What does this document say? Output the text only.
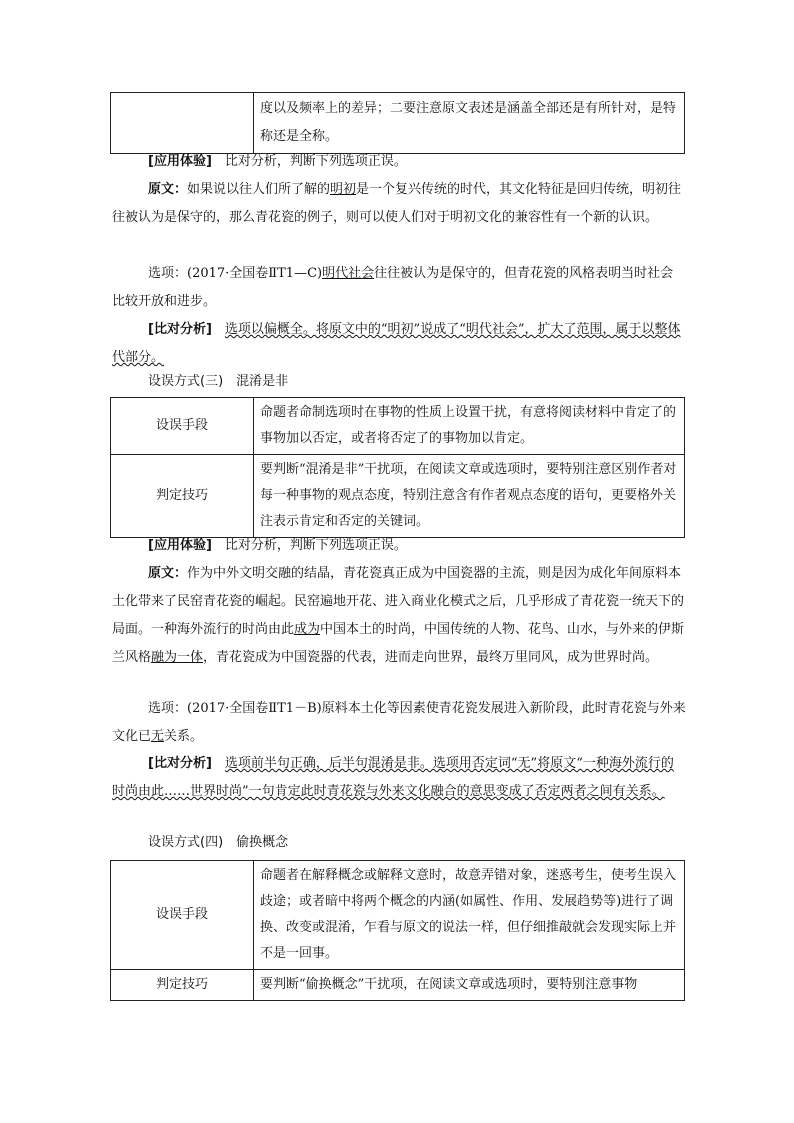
	度以及频率上的差异；二要注意原文表述是涵盖全部还是有所针对，是特称还是全称。

[应用体验]　 比对分析，判断下列选项正误。

原文：如果说以往人们所了解的明初是一个复兴传统的时代，其文化特征是回归传统，明初往往被认为是保守的，那么青花瓷的例子，则可以使人们对于明初文化的兼容性有一个新的认识。

选项：(2017·全国卷ⅡT1—C)明代社会往往被认为是保守的，但青花瓷的风格表明当时社会比较开放和进步。

[比对分析]　 选项以偏概全。将原文中的“明初”说成了“明代社会”，扩大了范围，属于以整体代部分。

设误方式(三)　混淆是非
设误手段	命题者命制选项时在事物的性质上设置干扰，有意将阅读材料中肯定了的事物加以否定，或者将否定了的事物加以肯定。
判定技巧	要判断“混淆是非”干扰项，在阅读文章或选项时，要特别注意区别作者对每一种事物的观点态度，特别注意含有作者观点态度的语句，更要格外关注表示肯定和否定的关键词。

[应用体验]　 比对分析，判断下列选项正误。

原文：作为中外文明交融的结晶，青花瓷真正成为中国瓷器的主流，则是因为成化年间原料本土化带来了民窑青花瓷的崛起。民窑遍地开花、进入商业化模式之后，几乎形成了青花瓷一统天下的局面。一种海外流行的时尚由此成为中国本土的时尚，中国传统的人物、花鸟、山水，与外来的伊斯兰风格融为一体，青花瓷成为中国瓷器的代表，进而走向世界，最终万里同风，成为世界时尚。

选项：(2017·全国卷ⅡT1－B)原料本土化等因素使青花瓷发展进入新阶段，此时青花瓷与外来文化已无关系。

[比对分析]　 选项前半句正确，后半句混淆是非。选项用否定词“无”将原文“一种海外流行的时尚由此……世界时尚”一句肯定此时青花瓷与外来文化融合的意思变成了否定两者之间有关系。

设误方式(四)　偷换概念
设误手段	命题者在解释概念或解释文意时，故意弄错对象，迷惑考生，使考生误入歧途；或者暗中将两个概念的内涵(如属性、作用、发展趋势等)进行了调换、改变或混淆，乍看与原文的说法一样，但仔细推敲就会发现实际上并不是一回事。
判定技巧	要判断“偷换概念”干扰项，在阅读文章或选项时，要特别注意事物
